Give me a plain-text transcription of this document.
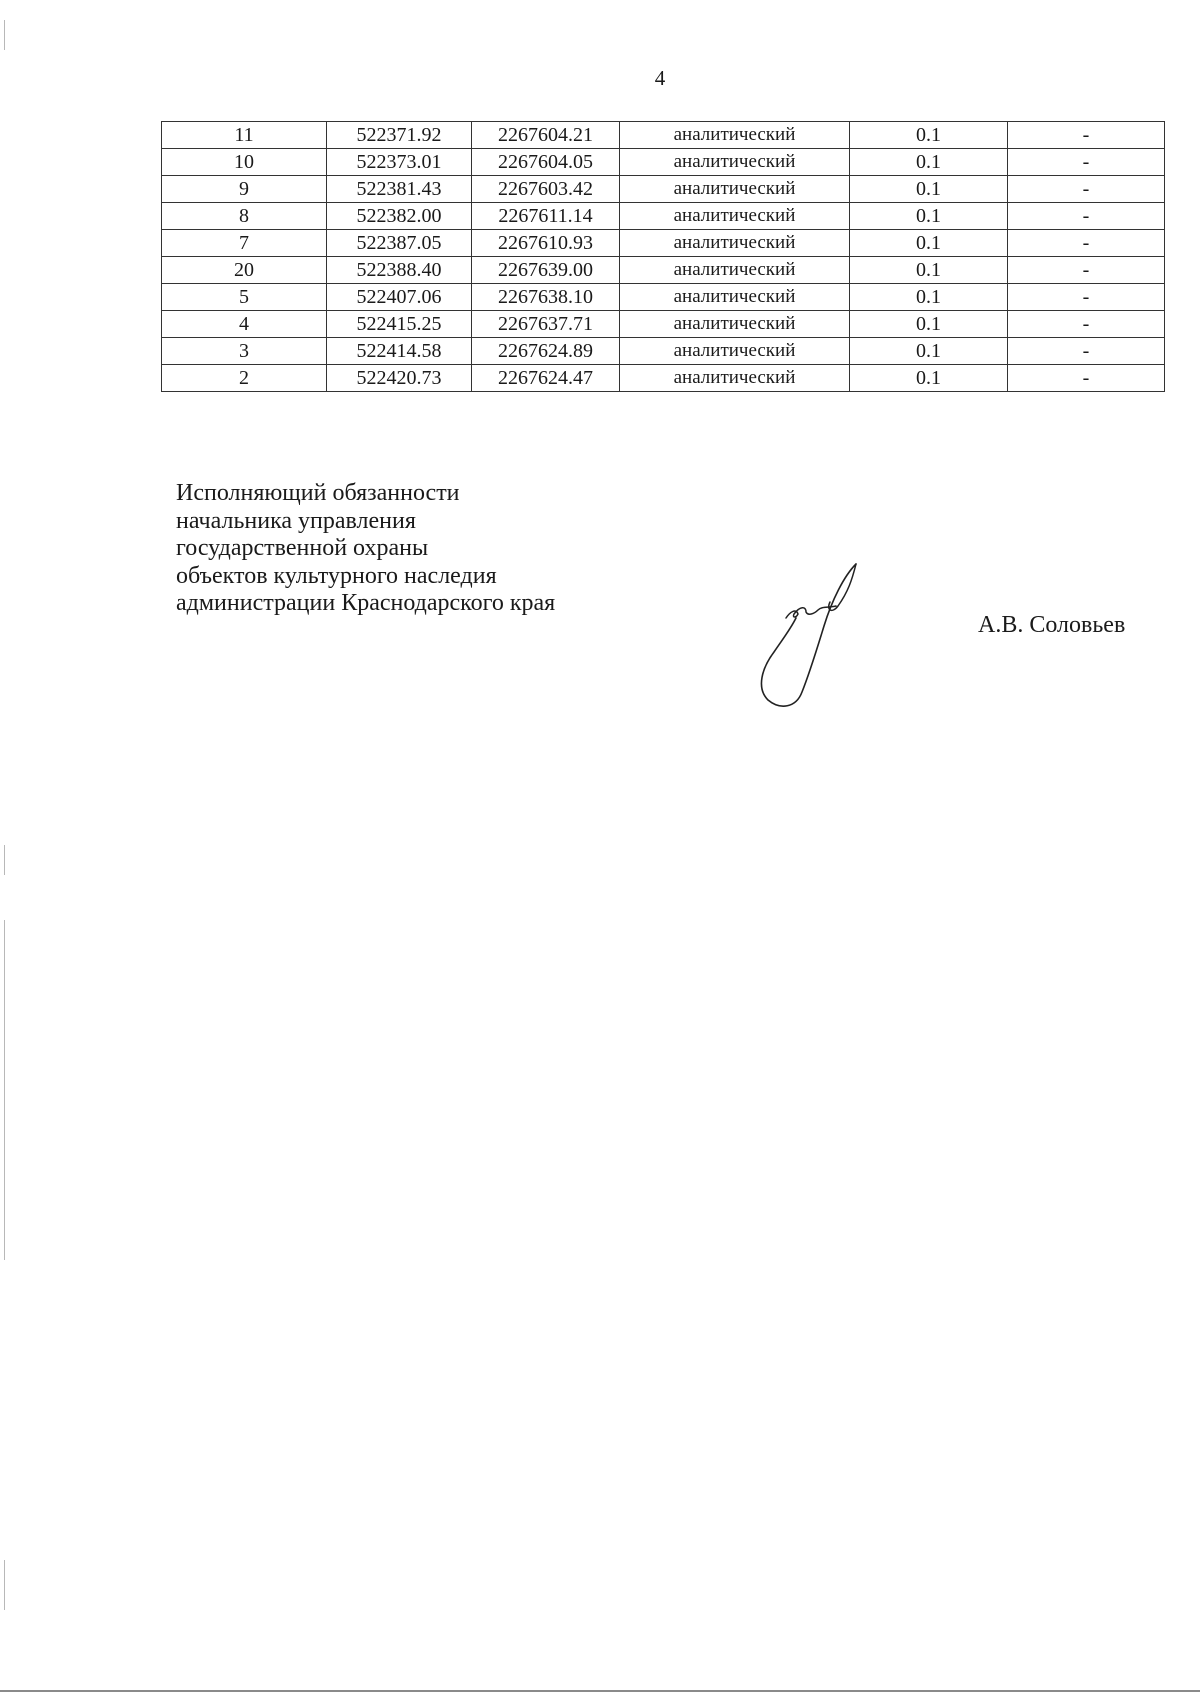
4
11	522371.92	2267604.21	аналитический	0.1	-
10	522373.01	2267604.05	аналитический	0.1	-
9	522381.43	2267603.42	аналитический	0.1	-
8	522382.00	2267611.14	аналитический	0.1	-
7	522387.05	2267610.93	аналитический	0.1	-
20	522388.40	2267639.00	аналитический	0.1	-
5	522407.06	2267638.10	аналитический	0.1	-
4	522415.25	2267637.71	аналитический	0.1	-
3	522414.58	2267624.89	аналитический	0.1	-
2	522420.73	2267624.47	аналитический	0.1	-
Исполняющий обязанности
начальника управления
государственной охраны
объектов культурного наследия
администрации Краснодарского края
А.В. Соловьев
